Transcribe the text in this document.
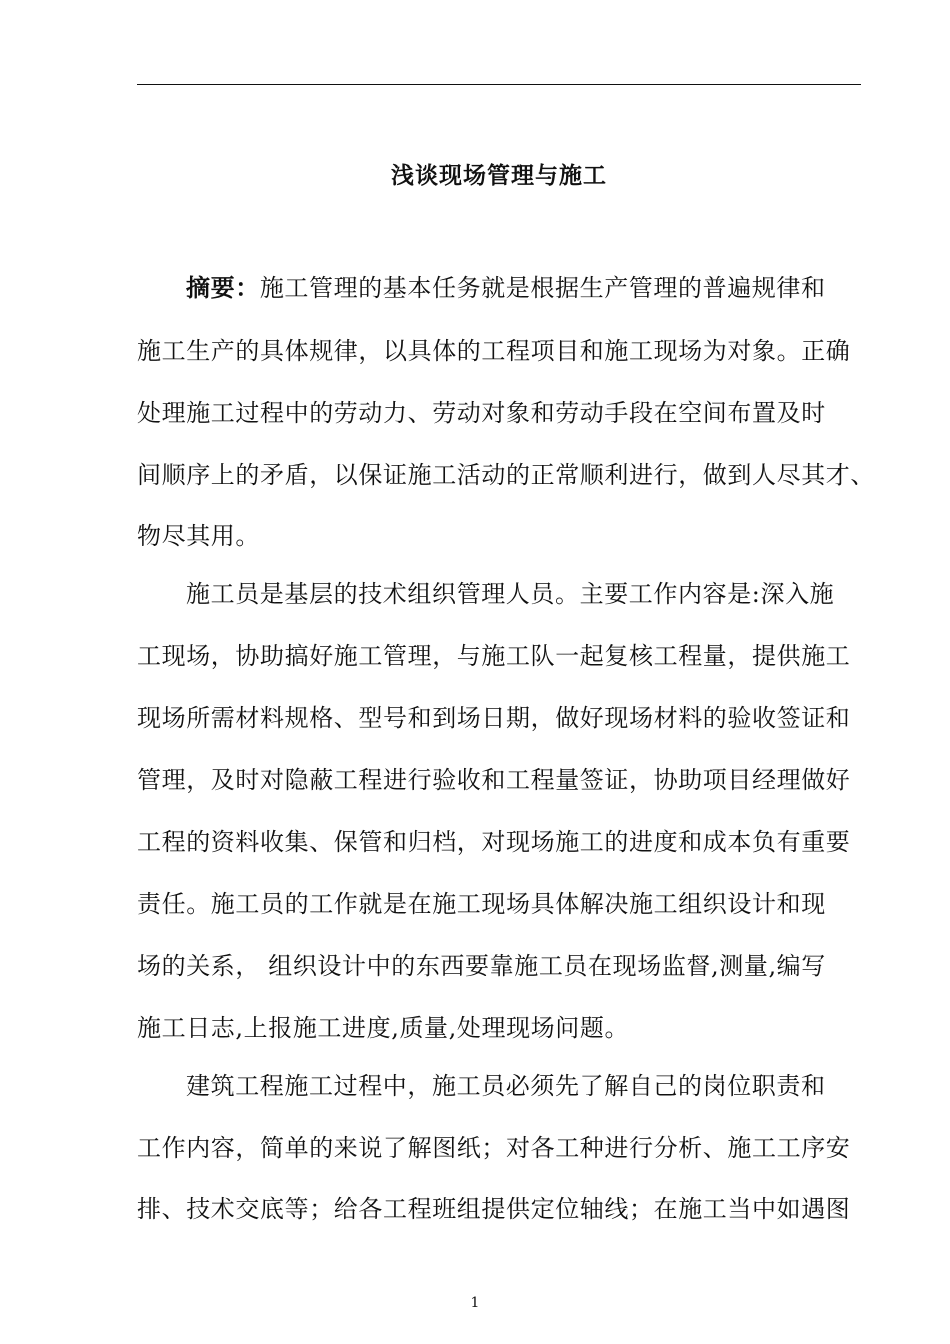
浅谈现场管理与施工
摘要：施工管理的基本任务就是根据生产管理的普遍规律和
施工生产的具体规律，以具体的工程项目和施工现场为对象。正确
处理施工过程中的劳动力、劳动对象和劳动手段在空间布置及时
间顺序上的矛盾，以保证施工活动的正常顺利进行，做到人尽其才、
物尽其用。
施工员是基层的技术组织管理人员。主要工作内容是:深入施
工现场，协助搞好施工管理，与施工队一起复核工程量，提供施工
现场所需材料规格、型号和到场日期，做好现场材料的验收签证和
管理，及时对隐蔽工程进行验收和工程量签证，协助项目经理做好
工程的资料收集、保管和归档，对现场施工的进度和成本负有重要
责任。施工员的工作就是在施工现场具体解决施工组织设计和现
场的关系， 组织设计中的东西要靠施工员在现场监督,测量,编写
施工日志,上报施工进度,质量,处理现场问题。
建筑工程施工过程中，施工员必须先了解自己的岗位职责和
工作内容，简单的来说了解图纸；对各工种进行分析、施工工序安
排、技术交底等；给各工程班组提供定位轴线；在施工当中如遇图
1
